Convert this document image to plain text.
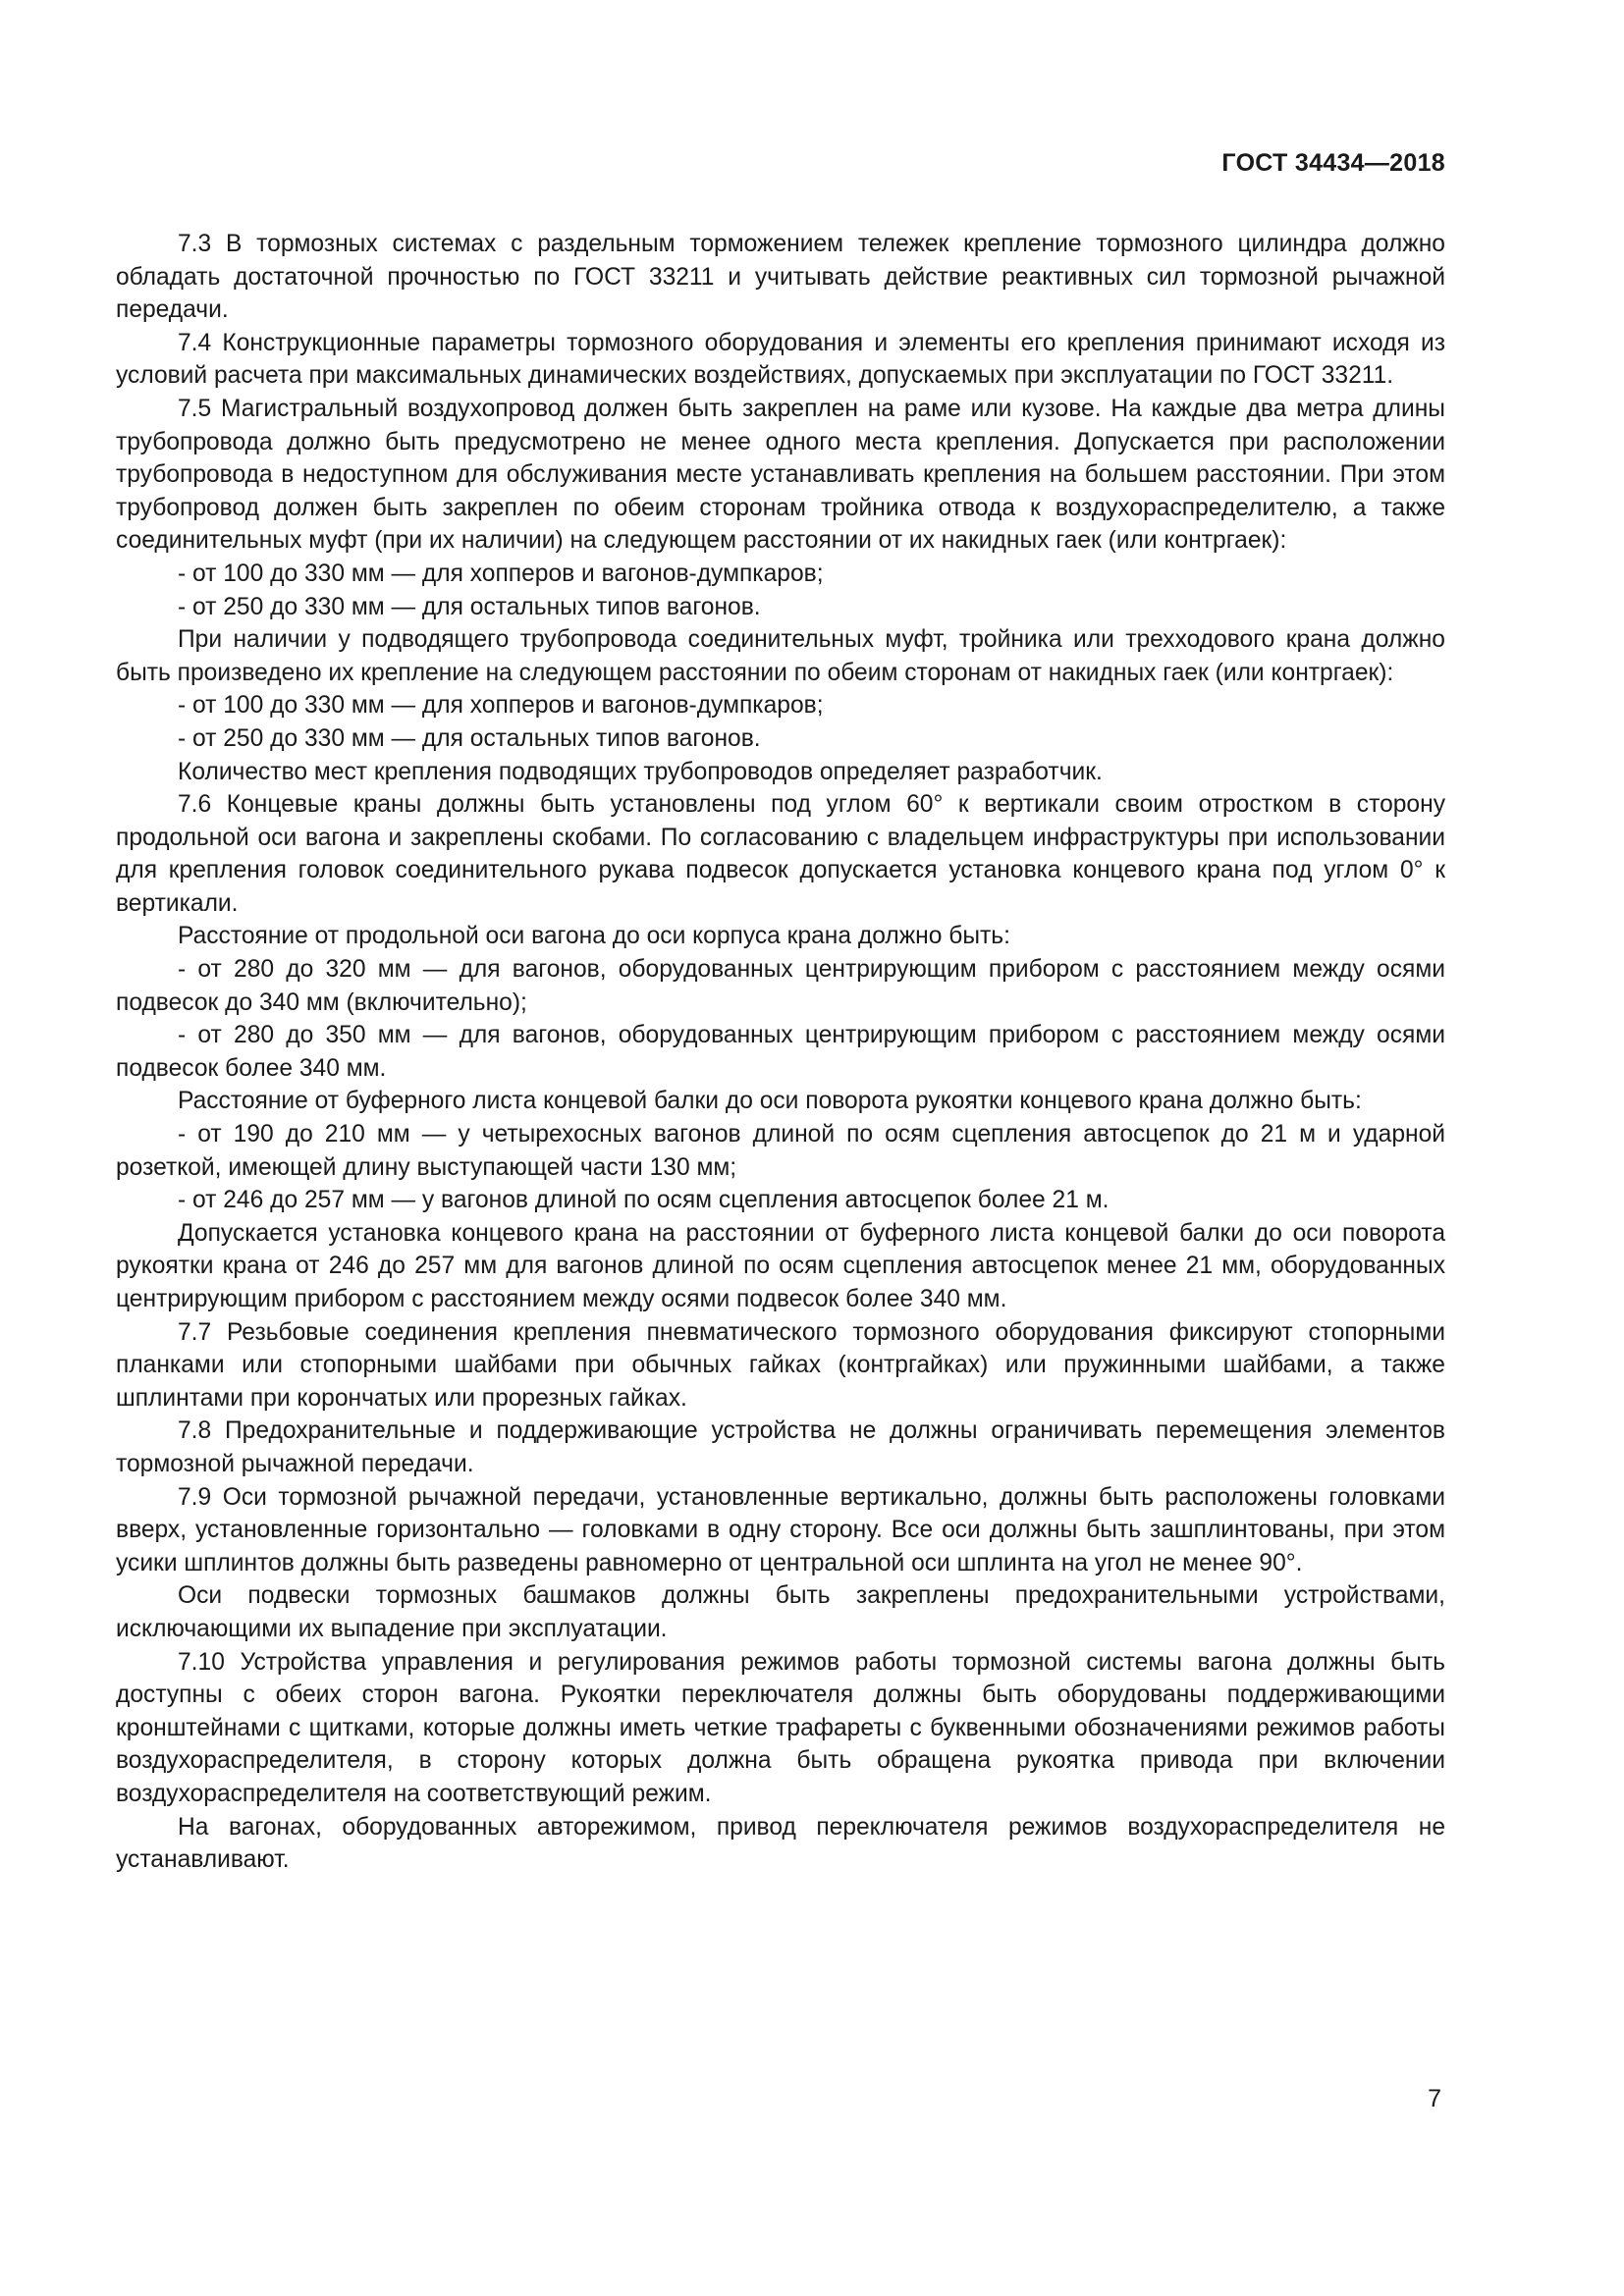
ГОСТ 34434—2018

7.3 В тормозных системах с раздельным торможением тележек крепление тормозного цилиндра должно обладать достаточной прочностью по ГОСТ 33211 и учитывать действие реактивных сил тормозной рычажной передачи.

7.4 Конструкционные параметры тормозного оборудования и элементы его крепления принимают исходя из условий расчета при максимальных динамических воздействиях, допускаемых при эксплуатации по ГОСТ 33211.

7.5 Магистральный воздухопровод должен быть закреплен на раме или кузове. На каждые два метра длины трубопровода должно быть предусмотрено не менее одного места крепления. Допускается при расположении трубопровода в недоступном для обслуживания месте устанавливать крепления на большем расстоянии. При этом трубопровод должен быть закреплен по обеим сторонам тройника отвода к воздухораспределителю, а также соединительных муфт (при их наличии) на следующем расстоянии от их накидных гаек (или контргаек):

- от 100 до 330 мм — для хопперов и вагонов-думпкаров;

- от 250 до 330 мм — для остальных типов вагонов.

При наличии у подводящего трубопровода соединительных муфт, тройника или трехходового крана должно быть произведено их крепление на следующем расстоянии по обеим сторонам от накидных гаек (или контргаек):

- от 100 до 330 мм — для хопперов и вагонов-думпкаров;

- от 250 до 330 мм — для остальных типов вагонов.

Количество мест крепления подводящих трубопроводов определяет разработчик.

7.6 Концевые краны должны быть установлены под углом 60° к вертикали своим отростком в сторону продольной оси вагона и закреплены скобами. По согласованию с владельцем инфраструктуры при использовании для крепления головок соединительного рукава подвесок допускается установка концевого крана под углом 0° к вертикали.

Расстояние от продольной оси вагона до оси корпуса крана должно быть:

- от 280 до 320 мм — для вагонов, оборудованных центрирующим прибором с расстоянием между осями подвесок до 340 мм (включительно);

- от 280 до 350 мм — для вагонов, оборудованных центрирующим прибором с расстоянием между осями подвесок более 340 мм.

Расстояние от буферного листа концевой балки до оси поворота рукоятки концевого крана должно быть:

- от 190 до 210 мм — у четырехосных вагонов длиной по осям сцепления автосцепок до 21 м и ударной розеткой, имеющей длину выступающей части 130 мм;

- от 246 до 257 мм — у вагонов длиной по осям сцепления автосцепок более 21 м.

Допускается установка концевого крана на расстоянии от буферного листа концевой балки до оси поворота рукоятки крана от 246 до 257 мм для вагонов длиной по осям сцепления автосцепок менее 21 мм, оборудованных центрирующим прибором с расстоянием между осями подвесок более 340 мм.

7.7 Резьбовые соединения крепления пневматического тормозного оборудования фиксируют стопорными планками или стопорными шайбами при обычных гайках (контргайках) или пружинными шайбами, а также шплинтами при корончатых или прорезных гайках.

7.8 Предохранительные и поддерживающие устройства не должны ограничивать перемещения элементов тормозной рычажной передачи.

7.9 Оси тормозной рычажной передачи, установленные вертикально, должны быть расположены головками вверх, установленные горизонтально — головками в одну сторону. Все оси должны быть зашплинтованы, при этом усики шплинтов должны быть разведены равномерно от центральной оси шплинта на угол не менее 90°.

Оси подвески тормозных башмаков должны быть закреплены предохранительными устройствами, исключающими их выпадение при эксплуатации.

7.10 Устройства управления и регулирования режимов работы тормозной системы вагона должны быть доступны с обеих сторон вагона. Рукоятки переключателя должны быть оборудованы поддерживающими кронштейнами с щитками, которые должны иметь четкие трафареты с буквенными обозначениями режимов работы воздухораспределителя, в сторону которых должна быть обращена рукоятка привода при включении воздухораспределителя на соответствующий режим.

На вагонах, оборудованных авторежимом, привод переключателя режимов воздухораспределителя не устанавливают.

7
